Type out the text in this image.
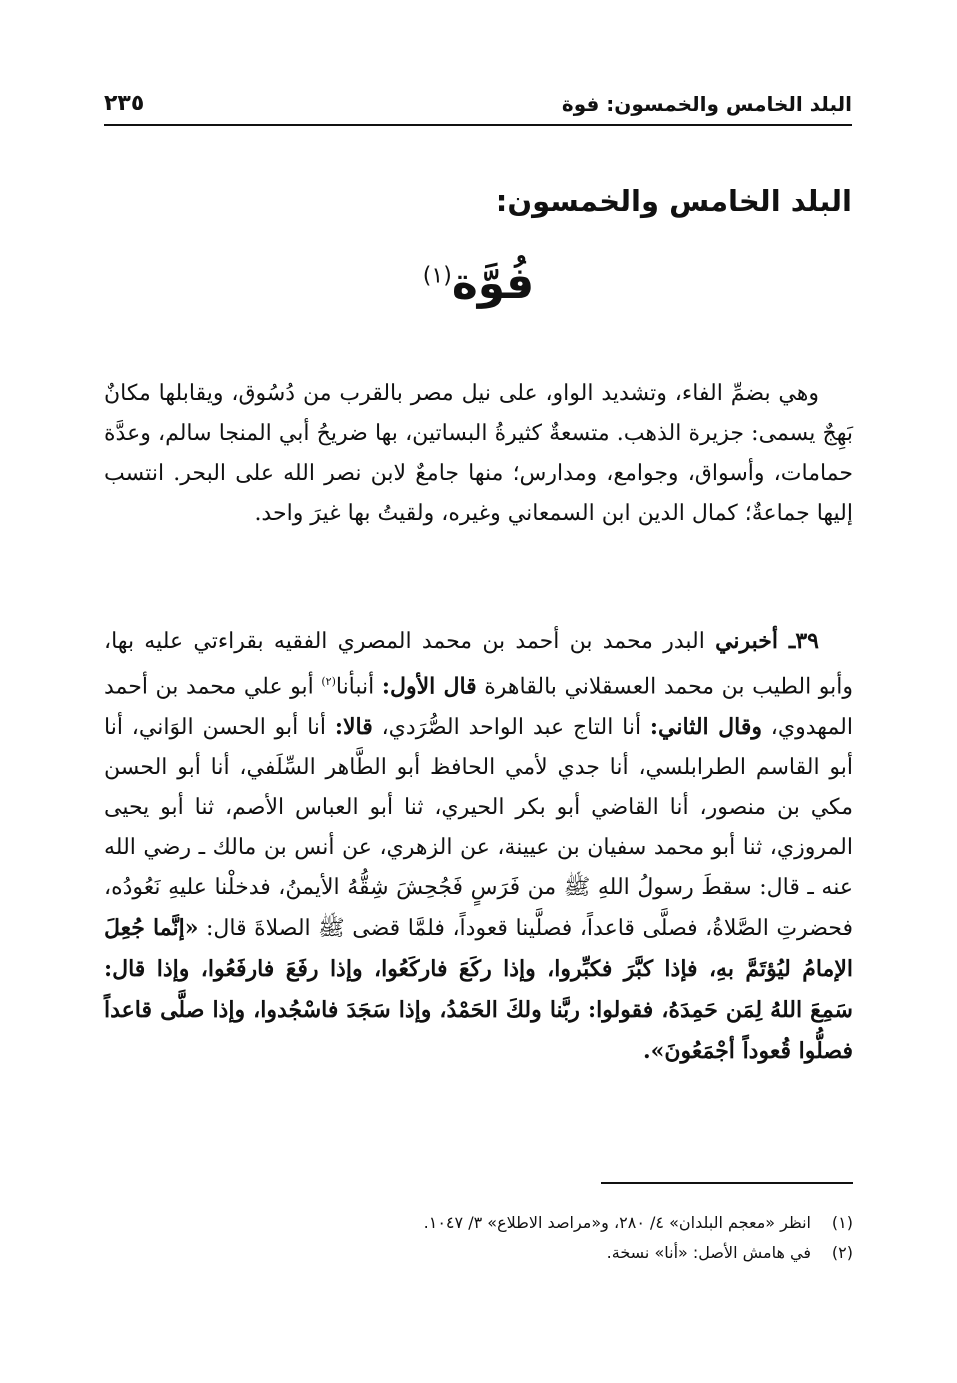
البلد الخامس والخمسون: فوة
٢٣٥
البلد الخامس والخمسون:
فُوَّة$^{(١)}$

وهي بضمِّ الفاء، وتشديد الواو، على نيل مصر بالقرب من دُسُوق، ويقابلها مكانٌ بَهِجٌ يسمى: جزيرة الذهب. متسعةٌ كثيرةُ البساتين، بها ضريحُ أبي المنجا سالم، وعدَّة حمامات، وأسواق، وجوامع، ومدارس؛ منها جامعٌ لابن نصر الله على البحر. انتسب إليها جماعةٌ؛ كمال الدين ابن السمعاني وغيره، ولقيتُ بها غيرَ واحد.

٣٩ـ أخبرني البدر محمد بن أحمد بن محمد المصري الفقيه بقراءتي عليه بها، وأبو الطيب بن محمد العسقلاني بالقاهرة قال الأول: أنبأنا$^{(٢)}$ أبو علي محمد بن أحمد المهدوي، وقال الثاني: أنا التاج عبد الواحد الصُّرَدي، قالا: أنا أبو الحسن الوَاني، أنا أبو القاسم الطرابلسي، أنا جدي لأمي الحافظ أبو الطَّاهر السِّلَفي، أنا أبو الحسن مكي بن منصور، أنا القاضي أبو بكر الحيري، ثنا أبو العباس الأصم، ثنا أبو يحيى المروزي، ثنا أبو محمد سفيان بن عيينة، عن الزهري، عن أنس بن مالك ـ رضي الله عنه ـ قال: سقطَ رسولُ اللهِ ﷺ من فَرَسٍ فَجُحِشَ شِقُّهُ الأيمنُ، فدخلْنا عليهِ نَعُودُه، فحضرتِ الصَّلاةُ، فصلَّى قاعداً، فصلَّينا قعوداً، فلمَّا قضى ﷺ الصلاةَ قال: «إنَّما جُعِلَ الإمامُ ليُؤتَمَّ بهِ، فإذا كبَّرَ فكبِّروا، وإذا ركَعَ فاركَعُوا، وإذا رفَعَ فارفَعُوا، وإذا قال: سَمِعَ اللهُ لِمَن حَمِدَهُ، فقولوا: ربَّنا ولكَ الحَمْدُ، وإذا سَجَدَ فاسْجُدوا، وإذا صلَّى قاعداً فصلُّوا قُعوداً أجْمَعُونَ».

(١)
انظر «معجم البلدان» ٤/ ٢٨٠، و«مراصد الاطلاع» ٣/ ١٠٤٧.
(٢)
في هامش الأصل: «أنا» نسخة.
